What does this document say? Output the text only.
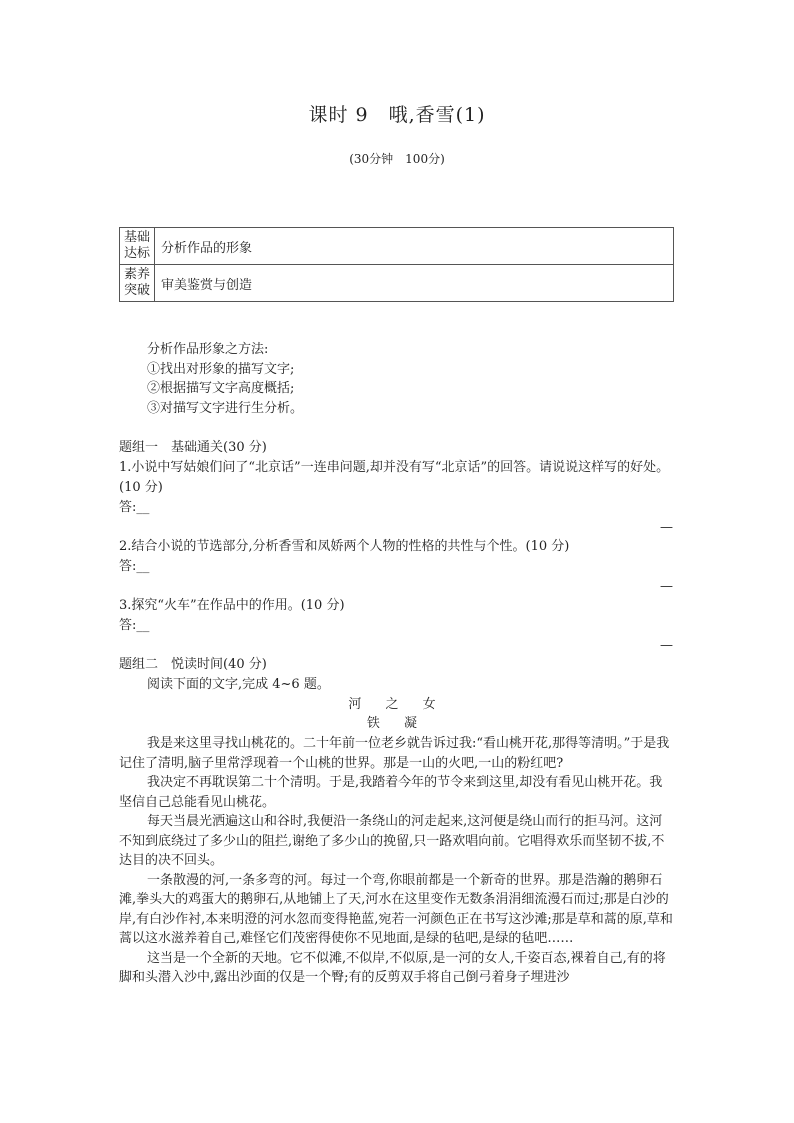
课时 9　哦,香雪(1)
(30分钟　100分)
基础
达标	分析作品的形象
素养
突破	审美鉴赏与创造

分析作品形象之方法:

①找出对形象的描写文字;

②根据描写文字高度概括;

③对描写文字进行生分析。

题组一　基础通关(30 分)
1.小说中写姑娘们问了“北京话”一连串问题,却并没有写“北京话”的回答。请说说这样写的好处。(10 分)
答:__
—
2.结合小说的节选部分,分析香雪和凤娇两个人物的性格的共性与个性。(10 分)
答:__
—
3.探究“火车”在作品中的作用。(10 分)
答:__
—
题组二　悦读时间(40 分)
阅读下面的文字,完成 4~6 题。
河 之 女
铁 凝

我是来这里寻找山桃花的。二十年前一位老乡就告诉过我:“看山桃开花,那得等清明。”于是我记住了清明,脑子里常浮现着一个山桃的世界。那是一山的火吧,一山的粉红吧?

我决定不再耽误第二十个清明。于是,我踏着今年的节令来到这里,却没有看见山桃开花。我坚信自己总能看见山桃花。

每天当晨光洒遍这山和谷时,我便沿一条绕山的河走起来,这河便是绕山而行的拒马河。这河不知到底绕过了多少山的阻拦,谢绝了多少山的挽留,只一路欢唱向前。它唱得欢乐而坚韧不拔,不达目的决不回头。

一条散漫的河,一条多弯的河。每过一个弯,你眼前都是一个新奇的世界。那是浩瀚的鹅卵石滩,拳头大的鸡蛋大的鹅卵石,从地铺上了天,河水在这里变作无数条涓涓细流漫石而过;那是白沙的岸,有白沙作衬,本来明澄的河水忽而变得艳蓝,宛若一河颜色正在书写这沙滩;那是草和蒿的原,草和蒿以这水滋养着自己,难怪它们茂密得使你不见地面,是绿的毡吧,是绿的毡吧……

这当是一个全新的天地。它不似滩,不似岸,不似原,是一河的女人,千姿百态,裸着自己,有的将脚和头潜入沙中,露出沙面的仅是一个臀;有的反剪双手将自己倒弓着身子埋进沙
